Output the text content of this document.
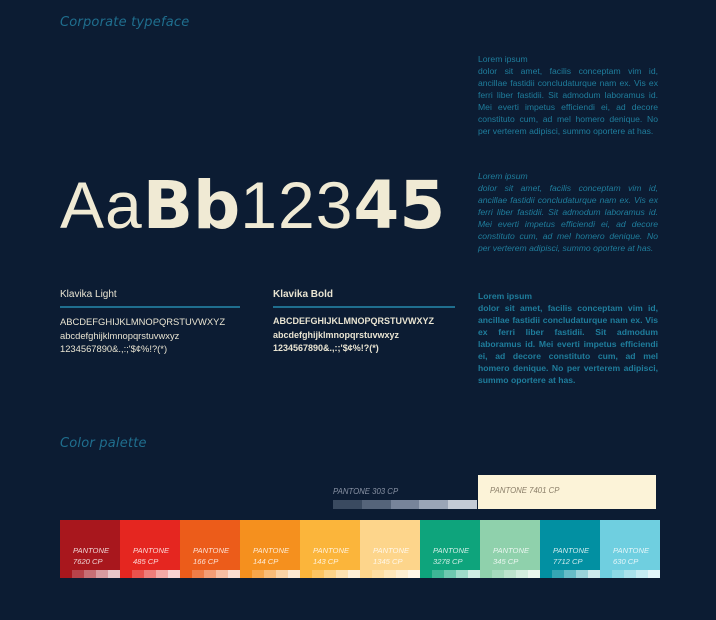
Corporate typeface
Lorem ipsum
dolor sit amet, facilis conceptam vim id, ancillae fastidii concludaturque nam ex. Vis ex ferri liber fastidii. Sit admodum laboramus id. Mei everti impetus efficiendi ei, ad decore constituto cum, ad mel homero denique. No per verterem adipisci, summo oportere at has.
Lorem ipsum
dolor sit amet, facilis conceptam vim id, ancillae fastidii concludaturque nam ex. Vis ex ferri liber fastidii. Sit admodum laboramus id. Mei everti impetus efficiendi ei, ad decore constituto cum, ad mel homero denique. No per verterem adipisci, summo oportere at has.
Lorem ipsum
dolor sit amet, facilis conceptam vim id, ancillae fastidii concludaturque nam ex. Vis ex ferri liber fastidii. Sit admodum laboramus id. Mei everti impetus efficiendi ei, ad decore constituto cum, ad mel homero denique. No per verterem adipisci, summo oportere at has.
AaBb12345
Klavika Light
ABCDEFGHIJKLMNOPQRSTUVWXYZ
abcdefghijklmnopqrstuvwxyz
1234567890&.,:;'$¢%!?(*)
Klavika Bold
ABCDEFGHIJKLMNOPQRSTUVWXYZ
abcdefghijklmnopqrstuvwxyz
1234567890&.,:;'$¢%!?(*)
Color palette
PANTONE 303 CP	PANTONE 7401 CP
PANTONE
7620 CP
PANTONE
485 CP
PANTONE
166 CP
PANTONE
144 CP
PANTONE
143 CP
PANTONE
1345 CP
PANTONE
3278 CP
PANTONE
345 CP
PANTONE
7712 CP
PANTONE
630 CP
